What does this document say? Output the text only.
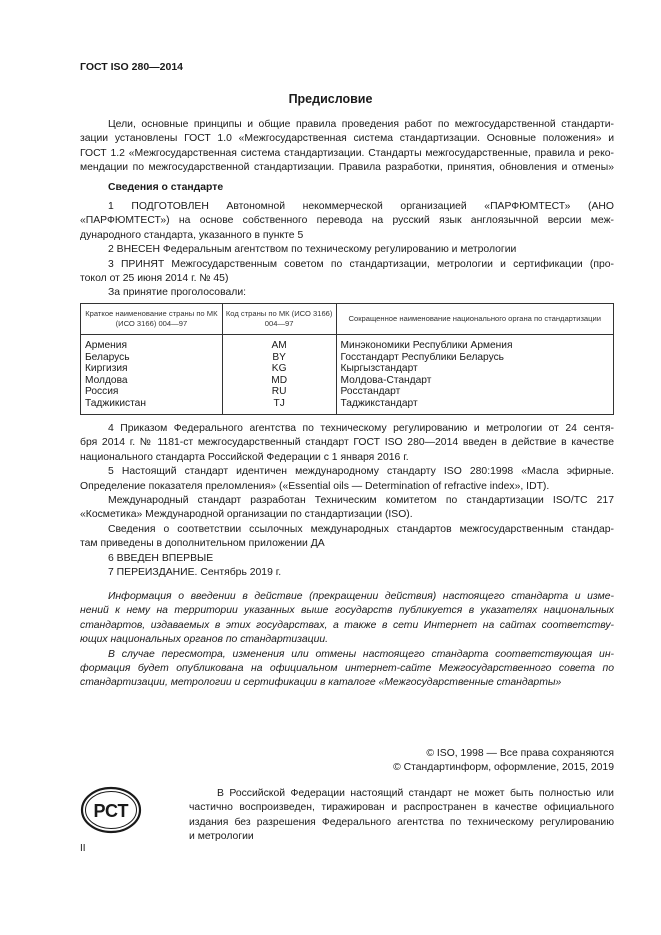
ГОСТ ISO 280—2014
Предисловие
Цели, основные принципы и общие правила проведения работ по межгосударственной стандарти-
зации установлены ГОСТ 1.0 «Межгосударственная система стандартизации. Основные положения» и
ГОСТ 1.2 «Межгосударственная система стандартизации. Стандарты межгосударственные, правила и реко-
мендации по межгосударственной стандартизации. Правила разработки, принятия, обновления и отмены»
Сведения о стандарте
1 ПОДГОТОВЛЕН Автономной некоммерческой организацией «ПАРФЮМТЕСТ» (АНО
«ПАРФЮМТЕСТ») на основе собственного перевода на русский язык англоязычной версии меж-
дународного стандарта, указанного в пункте 5
2 ВНЕСЕН Федеральным агентством по техническому регулированию и метрологии
3 ПРИНЯТ Межгосударственным советом по стандартизации, метрологии и сертификации (про-
токол от 25 июня 2014 г. № 45)
За принятие проголосовали:
Краткое наименование страны по МК (ИСО 3166) 004—97	Код страны по МК (ИСО 3166) 004—97	Сокращенное наименование национального органа по стандартизации
Армения	AM	Минэкономики Республики Армения
Беларусь	BY	Госстандарт Республики Беларусь
Киргизия	KG	Кыргызстандарт
Молдова	MD	Молдова-Стандарт
Россия	RU	Росстандарт
Таджикистан	TJ	Таджикстандарт
4 Приказом Федерального агентства по техническому регулированию и метрологии от 24 сентя-
бря 2014 г. № 1181-ст межгосударственный стандарт ГОСТ ISO 280—2014 введен в действие в качестве
национального стандарта Российской Федерации с 1 января 2016 г.
5 Настоящий стандарт идентичен международному стандарту ISO 280:1998 «Масла эфирные.
Определение показателя преломления» («Essential oils — Determination of refractive index», IDT).
Международный стандарт разработан Техническим комитетом по стандартизации ISO/TC 217
«Косметика» Международной организации по стандартизации (ISO).
Сведения о соответствии ссылочных международных стандартов межгосударственным стандар-
там приведены в дополнительном приложении ДА
6 ВВЕДЕН ВПЕРВЫЕ
7 ПЕРЕИЗДАНИЕ. Сентябрь 2019 г.
Информация о введении в действие (прекращении действия) настоящего стандарта и изме-
нений к нему на территории указанных выше государств публикуется в указателях национальных
стандартов, издаваемых в этих государствах, а также в сети Интернет на сайтах соответству-
ющих национальных органов по стандартизации.
В случае пересмотра, изменения или отмены настоящего стандарта соответствующая ин-
формация будет опубликована на официальном интернет-сайте Межгосударственного совета по
стандартизации, метрологии и сертификации в каталоге «Межгосударственные стандарты»
© ISO, 1998 — Все права сохраняются
© Стандартинформ, оформление, 2015, 2019
РСТ
В Российской Федерации настоящий стандарт не может быть полностью или
частично воспроизведен, тиражирован и распространен в качестве официального
издания без разрешения Федерального агентства по техническому регулированию
и метрологии
II
